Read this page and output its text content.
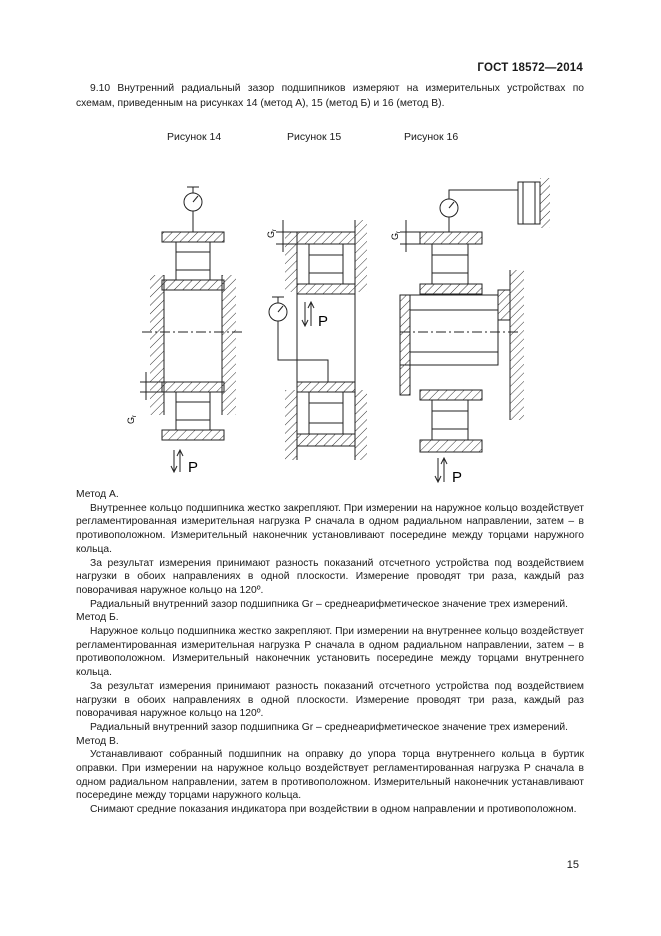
ГОСТ 18572—2014

9.10 Внутренний радиальный зазор подшипников измеряют на измерительных устройствах по схемам, приведенным на рисунках 14 (метод А), 15 (метод Б) и 16 (метод В).

Рисунок 14	Рисунок 15	Рисунок 16
P
$G_r$
P
$G_r$
P
$G_r$

Метод А.

Внутреннее кольцо подшипника жестко закрепляют. При измерении на наружное кольцо воздействует регламентированная измерительная нагрузка P сначала в одном радиальном направлении, затем – в противоположном. Измерительный наконечник установливают посередине между торцами наружного кольца.

За результат измерения принимают разность показаний отсчетного устройства под воздействием нагрузки в обоих направлениях в одной плоскости. Измерение проводят три раза, каждый раз поворачивая наружное кольцо на 120º.

Радиальный внутренний зазор подшипника Gr – среднеарифметическое значение трех измерений.

Метод Б.

Наружное кольцо подшипника жестко закрепляют. При измерении на внутреннее кольцо воздействует регламентированная измерительная нагрузка P сначала в одном радиальном направлении, затем – в противоположном. Измерительный наконечник установить посередине между торцами внутреннего кольца.

За результат измерения принимают разность показаний отсчетного устройства под воздействием нагрузки в обоих направлениях в одной плоскости. Измерение проводят три раза, каждый раз поворачивая наружное кольцо на 120º.

Радиальный внутренний зазор подшипника Gr – среднеарифметическое значение трех измерений.

Метод В.

Устанавливают собранный подшипник на оправку до упора торца внутреннего кольца в буртик оправки. При измерении на наружное кольцо воздействует регламентированная нагрузка P сначала в одном радиальном направлении, затем в противоположном. Измерительный наконечник устанавливают посередине между торцами наружного кольца.

Снимают средние показания индикатора при воздействии в одном направлении и противоположном.

15
